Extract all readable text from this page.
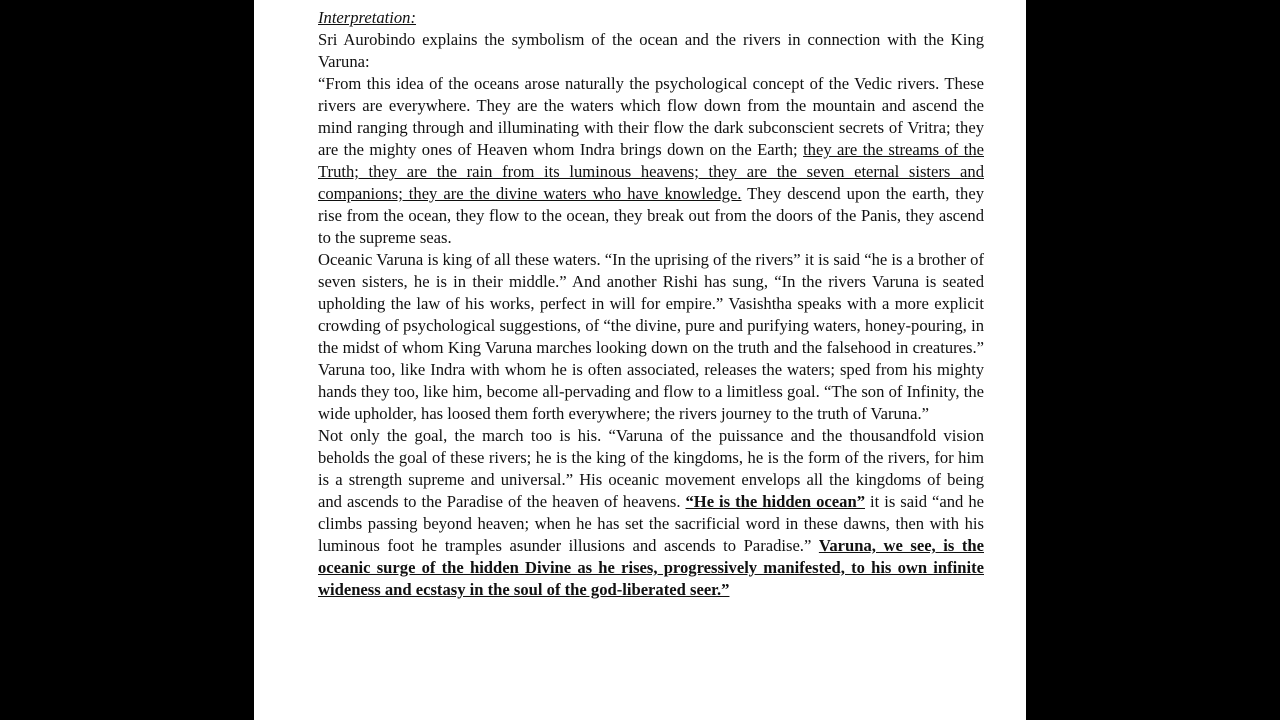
Interpretation:

Sri Aurobindo explains the symbolism of the ocean and the rivers in connection with the King Varuna:

“From this idea of the oceans arose naturally the psychological concept of the Vedic rivers. These rivers are everywhere. They are the waters which flow down from the mountain and ascend the mind ranging through and illuminating with their flow the dark subconscient secrets of Vritra; they are the mighty ones of Heaven whom Indra brings down on the Earth; they are the streams of the Truth; they are the rain from its luminous heavens; they are the seven eternal sisters and companions; they are the divine waters who have knowledge. They descend upon the earth, they rise from the ocean, they flow to the ocean, they break out from the doors of the Panis, they ascend to the supreme seas.

Oceanic Varuna is king of all these waters. “In the uprising of the rivers” it is said “he is a brother of seven sisters, he is in their middle.” And another Rishi has sung, “In the rivers Varuna is seated upholding the law of his works, perfect in will for empire.” Vasishtha speaks with a more explicit crowding of psychological suggestions, of “the divine, pure and purifying waters, honey-pouring, in the midst of whom King Varuna marches looking down on the truth and the falsehood in creatures.” Varuna too, like Indra with whom he is often associated, releases the waters; sped from his mighty hands they too, like him, become all-pervading and flow to a limitless goal. “The son of Infinity, the wide upholder, has loosed them forth everywhere; the rivers journey to the truth of Varuna.”

Not only the goal, the march too is his. “Varuna of the puissance and the thousandfold vision beholds the goal of these rivers; he is the king of the kingdoms, he is the form of the rivers, for him is a strength supreme and universal.” His oceanic movement envelops all the kingdoms of being and ascends to the Paradise of the heaven of heavens. “He is the hidden ocean” it is said “and he climbs passing beyond heaven; when he has set the sacrificial word in these dawns, then with his luminous foot he tramples asunder illusions and ascends to Paradise.” Varuna, we see, is the oceanic surge of the hidden Divine as he rises, progressively manifested, to his own infinite wideness and ecstasy in the soul of the god-liberated seer.”
